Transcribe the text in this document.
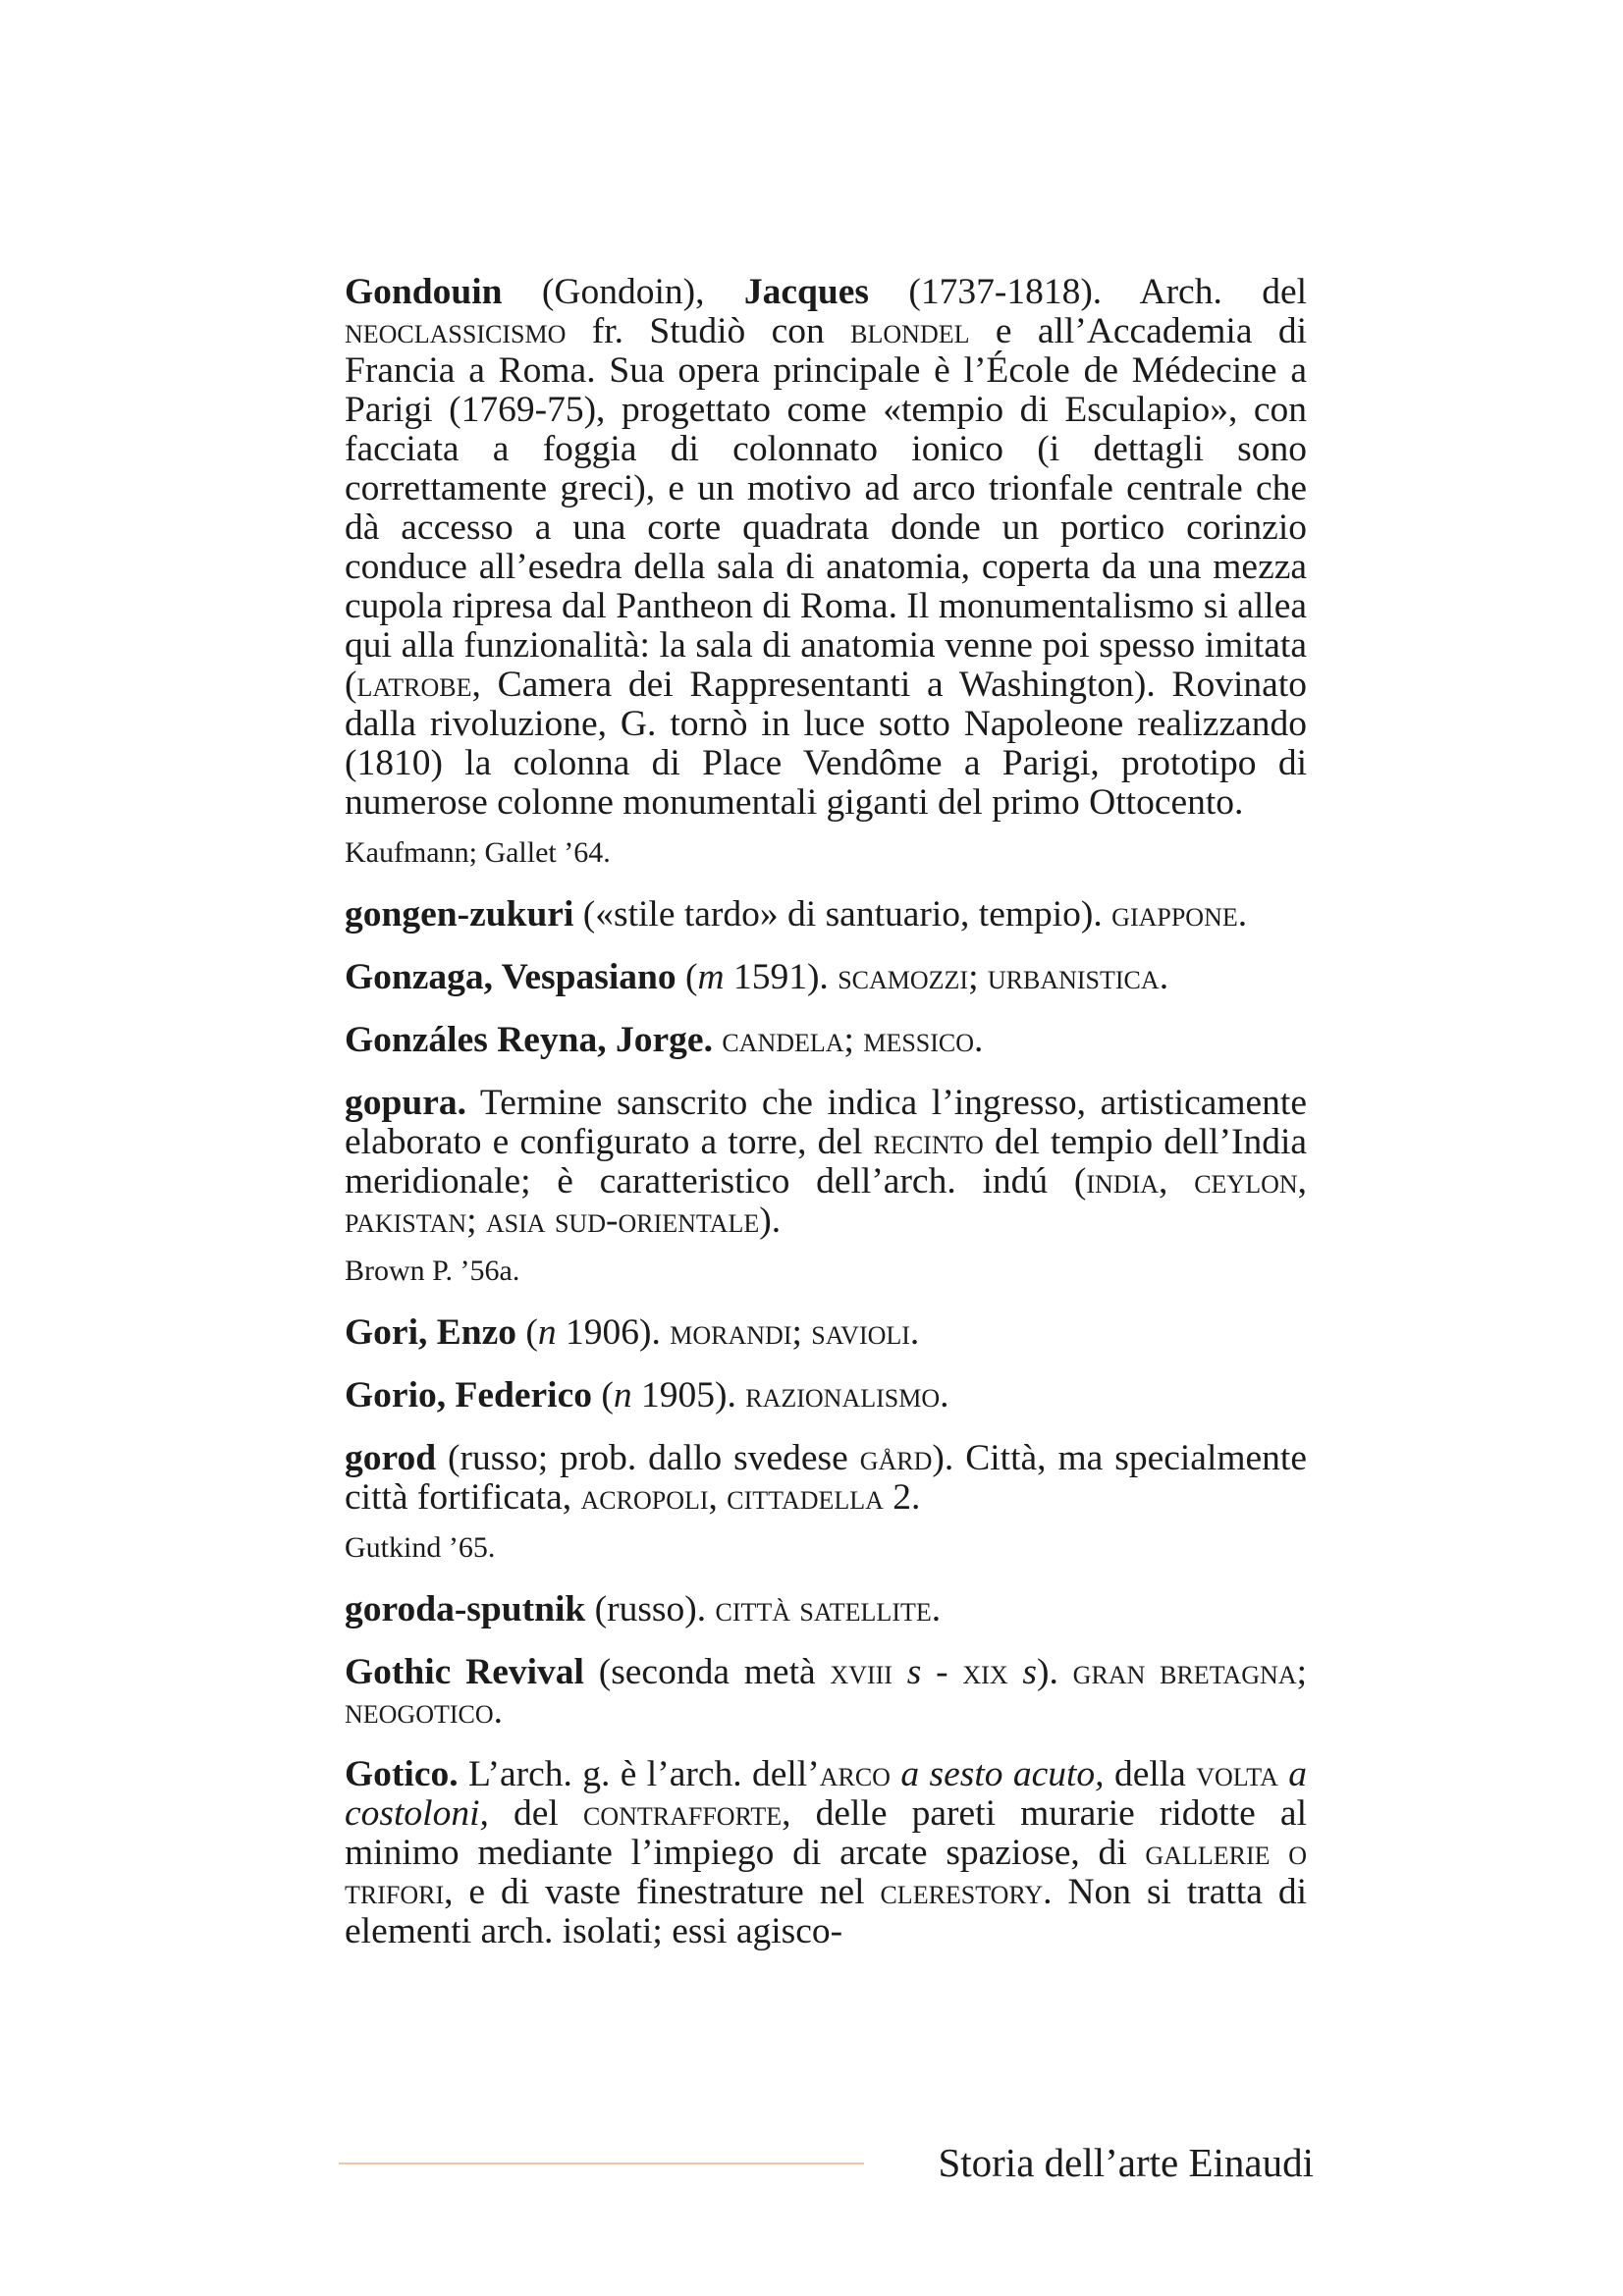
Gondouin (Gondoin), Jacques (1737-1818). Arch. del neoclassicismo fr. Studiò con blondel e all’Accademia di Francia a Roma. Sua opera principale è l’École de Médecine a Parigi (1769-75), progettato come «tempio di Esculapio», con facciata a foggia di colonnato ionico (i dettagli sono correttamente greci), e un motivo ad arco trionfale centrale che dà accesso a una corte quadrata donde un portico corinzio conduce all’esedra della sala di anatomia, coperta da una mezza cupola ripresa dal Pantheon di Roma. Il monumentalismo si allea qui alla funzionalità: la sala di anatomia venne poi spesso imitata (latrobe, Camera dei Rappresentanti a Washington). Rovinato dalla rivoluzione, G. tornò in luce sotto Napoleone realizzando (1810) la colonna di Place Vendôme a Parigi, prototipo di numerose colonne monumentali giganti del primo Ottocento.

Kaufmann; Gallet ’64.

gongen-zukuri («stile tardo» di santuario, tempio). giappone.

Gonzaga, Vespasiano (m 1591). scamozzi; urbanistica.

Gonzáles Reyna, Jorge. candela; messico.

gopura. Termine sanscrito che indica l’ingresso, artisticamente elaborato e configurato a torre, del recinto del tempio dell’India meridionale; è caratteristico dell’arch. indú (india, ceylon, pakistan; asia sud-orientale).

Brown P. ’56a.

Gori, Enzo (n 1906). morandi; savioli.

Gorio, Federico (n 1905). razionalismo.

gorod (russo; prob. dallo svedese gård). Città, ma specialmente città fortificata, acropoli, cittadella 2.

Gutkind ’65.

goroda-sputnik (russo). città satellite.

Gothic Revival (seconda metà xviii s - xix s). gran bretagna; neogotico.

Gotico. L’arch. g. è l’arch. dell’arco a sesto acuto, della volta a costoloni, del contrafforte, delle pareti murarie ridotte al minimo mediante l’impiego di arcate spaziose, di gallerie o trifori, e di vaste finestrature nel clerestory. Non si tratta di elementi arch. isolati; essi agisco-

Storia dell’arte Einaudi
